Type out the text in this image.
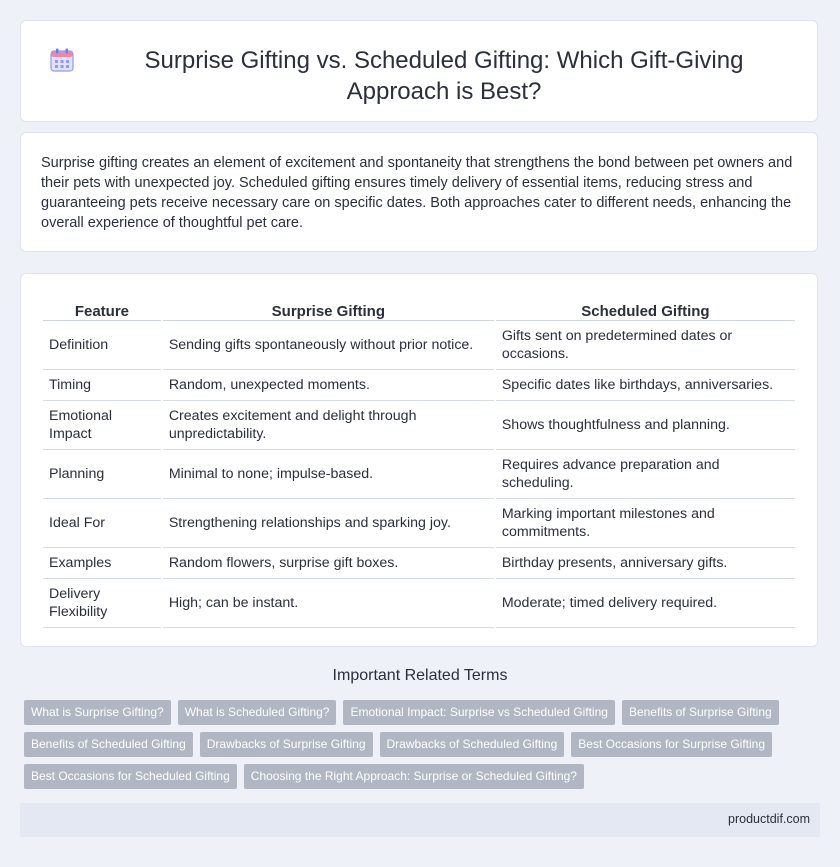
Surprise Gifting vs. Scheduled Gifting: Which Gift-Giving Approach is Best?

Surprise gifting creates an element of excitement and spontaneity that strengthens the bond between pet owners and their pets with unexpected joy. Scheduled gifting ensures timely delivery of essential items, reducing stress and guaranteeing pets receive necessary care on specific dates. Both approaches cater to different needs, enhancing the overall experience of thoughtful pet care.

Feature	Surprise Gifting	Scheduled Gifting
Definition	Sending gifts spontaneously without prior notice.	Gifts sent on predetermined dates or occasions.
Timing	Random, unexpected moments.	Specific dates like birthdays, anniversaries.
Emotional Impact	Creates excitement and delight through unpredictability.	Shows thoughtfulness and planning.
Planning	Minimal to none; impulse-based.	Requires advance preparation and scheduling.
Ideal For	Strengthening relationships and sparking joy.	Marking important milestones and commitments.
Examples	Random flowers, surprise gift boxes.	Birthday presents, anniversary gifts.
Delivery Flexibility	High; can be instant.	Moderate; timed delivery required.
Important Related Terms
What is Surprise Gifting?	What is Scheduled Gifting?	Emotional Impact: Surprise vs Scheduled Gifting	Benefits of Surprise Gifting
Benefits of Scheduled Gifting	Drawbacks of Surprise Gifting	Drawbacks of Scheduled Gifting	Best Occasions for Surprise Gifting
Best Occasions for Scheduled Gifting	Choosing the Right Approach: Surprise or Scheduled Gifting?
productdif.com
